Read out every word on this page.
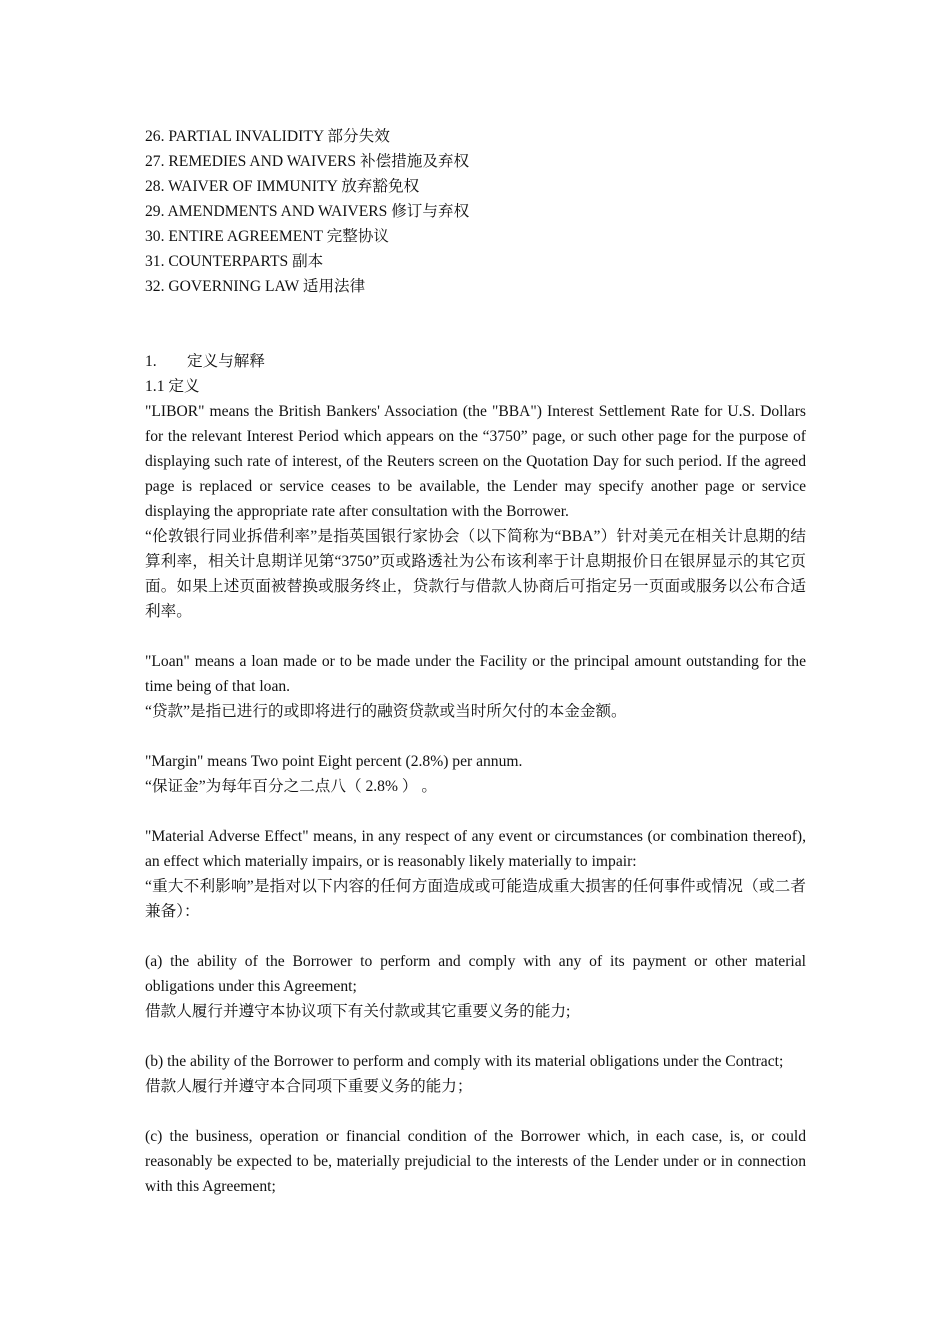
26. PARTIAL INVALIDITY 部分失效

27. REMEDIES AND WAIVERS 补偿措施及弃权

28. WAIVER OF IMMUNITY 放弃豁免权

29. AMENDMENTS AND WAIVERS 修订与弃权

30. ENTIRE AGREEMENT 完整协议

31. COUNTERPARTS 副本

32. GOVERNING LAW 适用法律

1. 定义与解释

1.1 定义

"LIBOR" means the British Bankers' Association (the "BBA") Interest Settlement Rate for U.S. Dollars for the relevant Interest Period which appears on the “3750” page, or such other page for the purpose of displaying such rate of interest, of the Reuters screen on the Quotation Day for such period. If the agreed page is replaced or service ceases to be available, the Lender may specify another page or service displaying the appropriate rate after consultation with the Borrower.

“伦敦银行同业拆借利率”是指英国银行家协会（以下简称为“BBA”）针对美元在相关计息期的结算利率，相关计息期详见第“3750”页或路透社为公布该利率于计息期报价日在银屏显示的其它页面。如果上述页面被替换或服务终止，贷款行与借款人协商后可指定另一页面或服务以公布合适利率。

"Loan" means a loan made or to be made under the Facility or the principal amount outstanding for the time being of that loan.

“贷款”是指已进行的或即将进行的融资贷款或当时所欠付的本金金额。

"Margin" means Two point Eight percent (2.8%) per annum.

“保证金”为每年百分之二点八（ 2.8% ） 。

"Material Adverse Effect" means, in any respect of any event or circumstances (or combination thereof), an effect which materially impairs, or is reasonably likely materially to impair:

“重大不利影响”是指对以下内容的任何方面造成或可能造成重大损害的任何事件或情况（或二者兼备）：

(a) the ability of the Borrower to perform and comply with any of its payment or other material obligations under this Agreement;

借款人履行并遵守本协议项下有关付款或其它重要义务的能力;

(b) the ability of the Borrower to perform and comply with its material obligations under the Contract;

借款人履行并遵守本合同项下重要义务的能力；

(c) the business, operation or financial condition of the Borrower which, in each case, is, or could reasonably be expected to be, materially prejudicial to the interests of the Lender under or in connection with this Agreement;
